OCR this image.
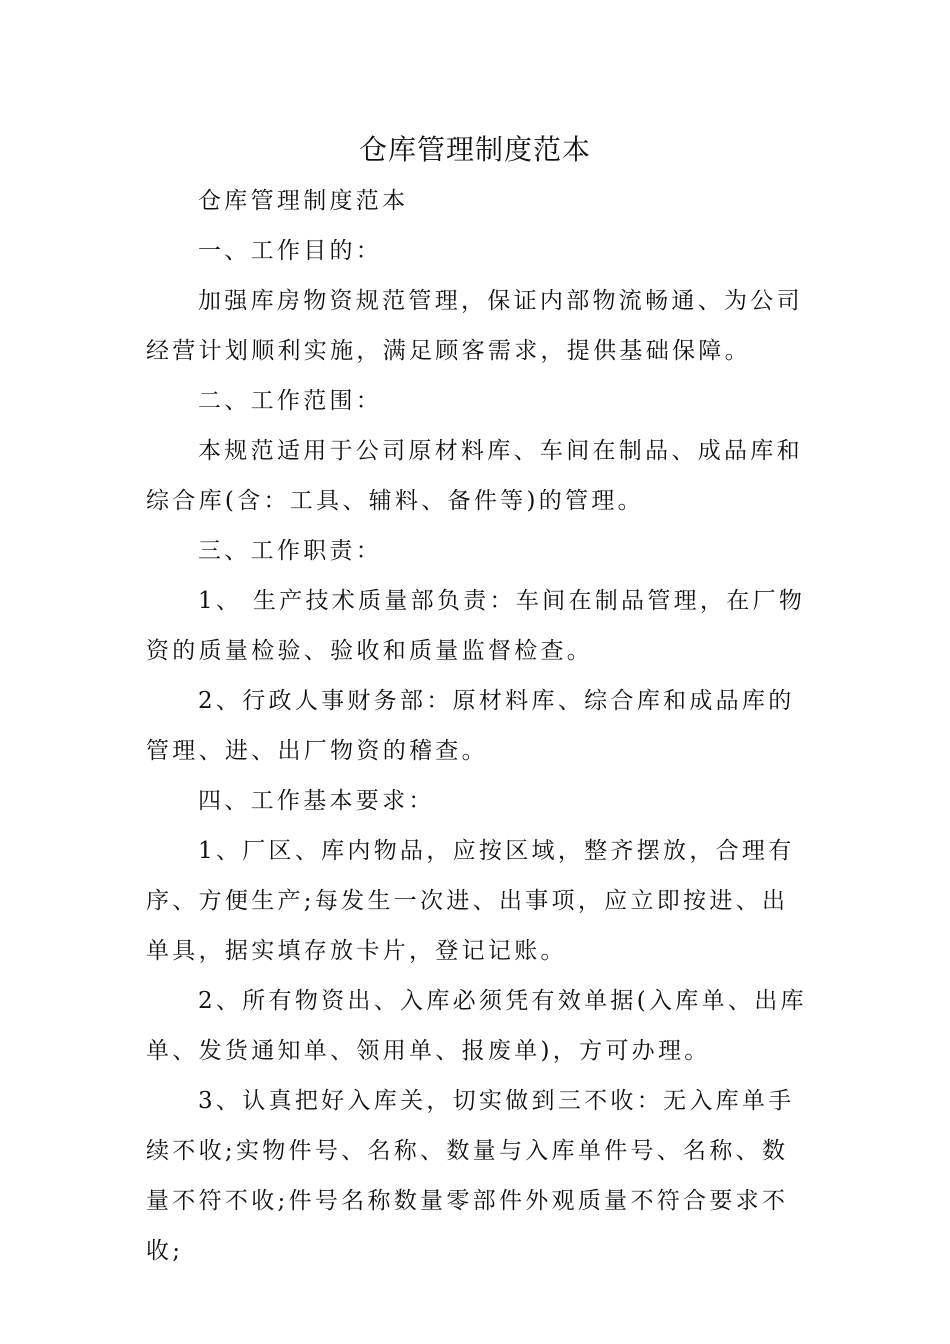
仓库管理制度范本

仓库管理制度范本

一、工作目的：

加强库房物资规范管理，保证内部物流畅通、为公司经营计划顺利实施，满足顾客需求，提供基础保障。

二、工作范围：

本规范适用于公司原材料库、车间在制品、成品库和综合库(含：工具、辅料、备件等)的管理。

三、工作职责：

1、 生产技术质量部负责：车间在制品管理，在厂物资的质量检验、验收和质量监督检查。

2、行政人事财务部：原材料库、综合库和成品库的管理、进、出厂物资的稽查。

四、工作基本要求：

1、厂区、库内物品，应按区域，整齐摆放，合理有序、方便生产;每发生一次进、出事项，应立即按进、出单具，据实填存放卡片，登记记账。

2、所有物资出、入库必须凭有效单据(入库单、出库单、发货通知单、领用单、报废单)，方可办理。

3、认真把好入库关，切实做到三不收：无入库单手续不收;实物件号、名称、数量与入库单件号、名称、数量不符不收;件号名称数量零部件外观质量不符合要求不收;
